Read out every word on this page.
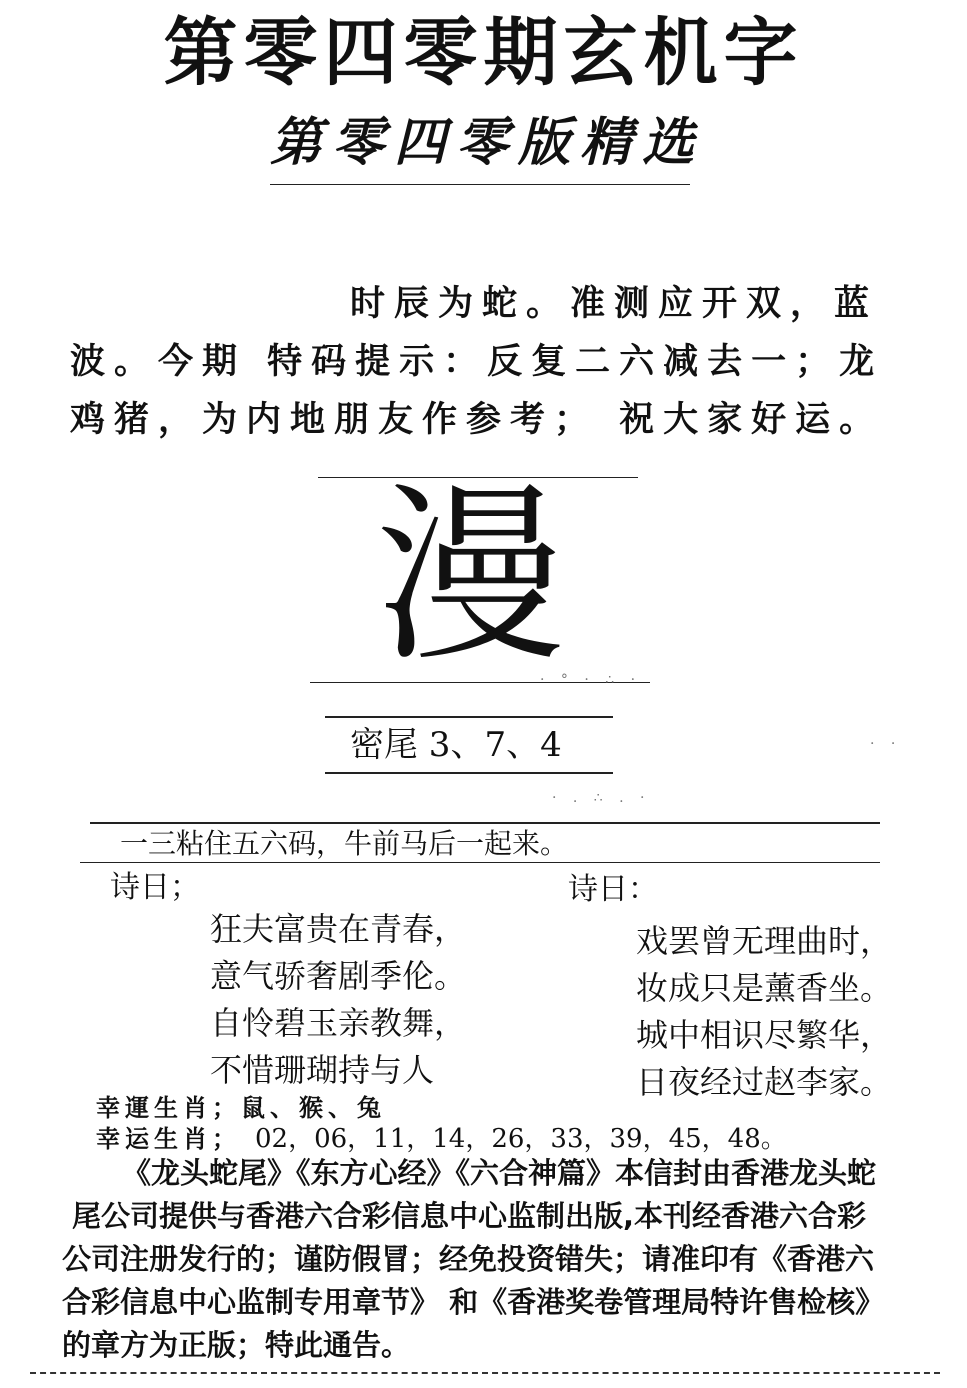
第零四零期玄机字
第零四零版精选

时辰为蛇。准测应开双，蓝

波。今期 特码提示：反复二六减去一；龙

鸡猪，为内地朋友作参考； 祝大家好运。

漫
密尾 3、7、4
· ° · ∴ ·
· . ∴ . ·
· ·
一三粘住五六码，牛前马后一起来。
诗日；
狂夫富贵在青春，
意气骄奢剧季伦。
自怜碧玉亲教舞，
不惜珊瑚持与人
诗日：
戏罢曾无理曲时，
妆成只是薰香坐。
城中相识尽繁华，
日夜经过赵李家。
幸運生肖；鼠、猴、兔
幸运生肖； 02，06，11，14，26，33，39，45，48。

《龙头蛇尾》《东方心经》《六合神篇》本信封由香港龙头蛇

尾公司提供与香港六合彩信息中心监制出版,本刊经香港六合彩

公司注册发行的；谨防假冒；经免投资错失；请准印有《香港六

合彩信息中心监制专用章节》 和《香港奖卷管理局特许售检核》

的章方为正版；特此通告。
